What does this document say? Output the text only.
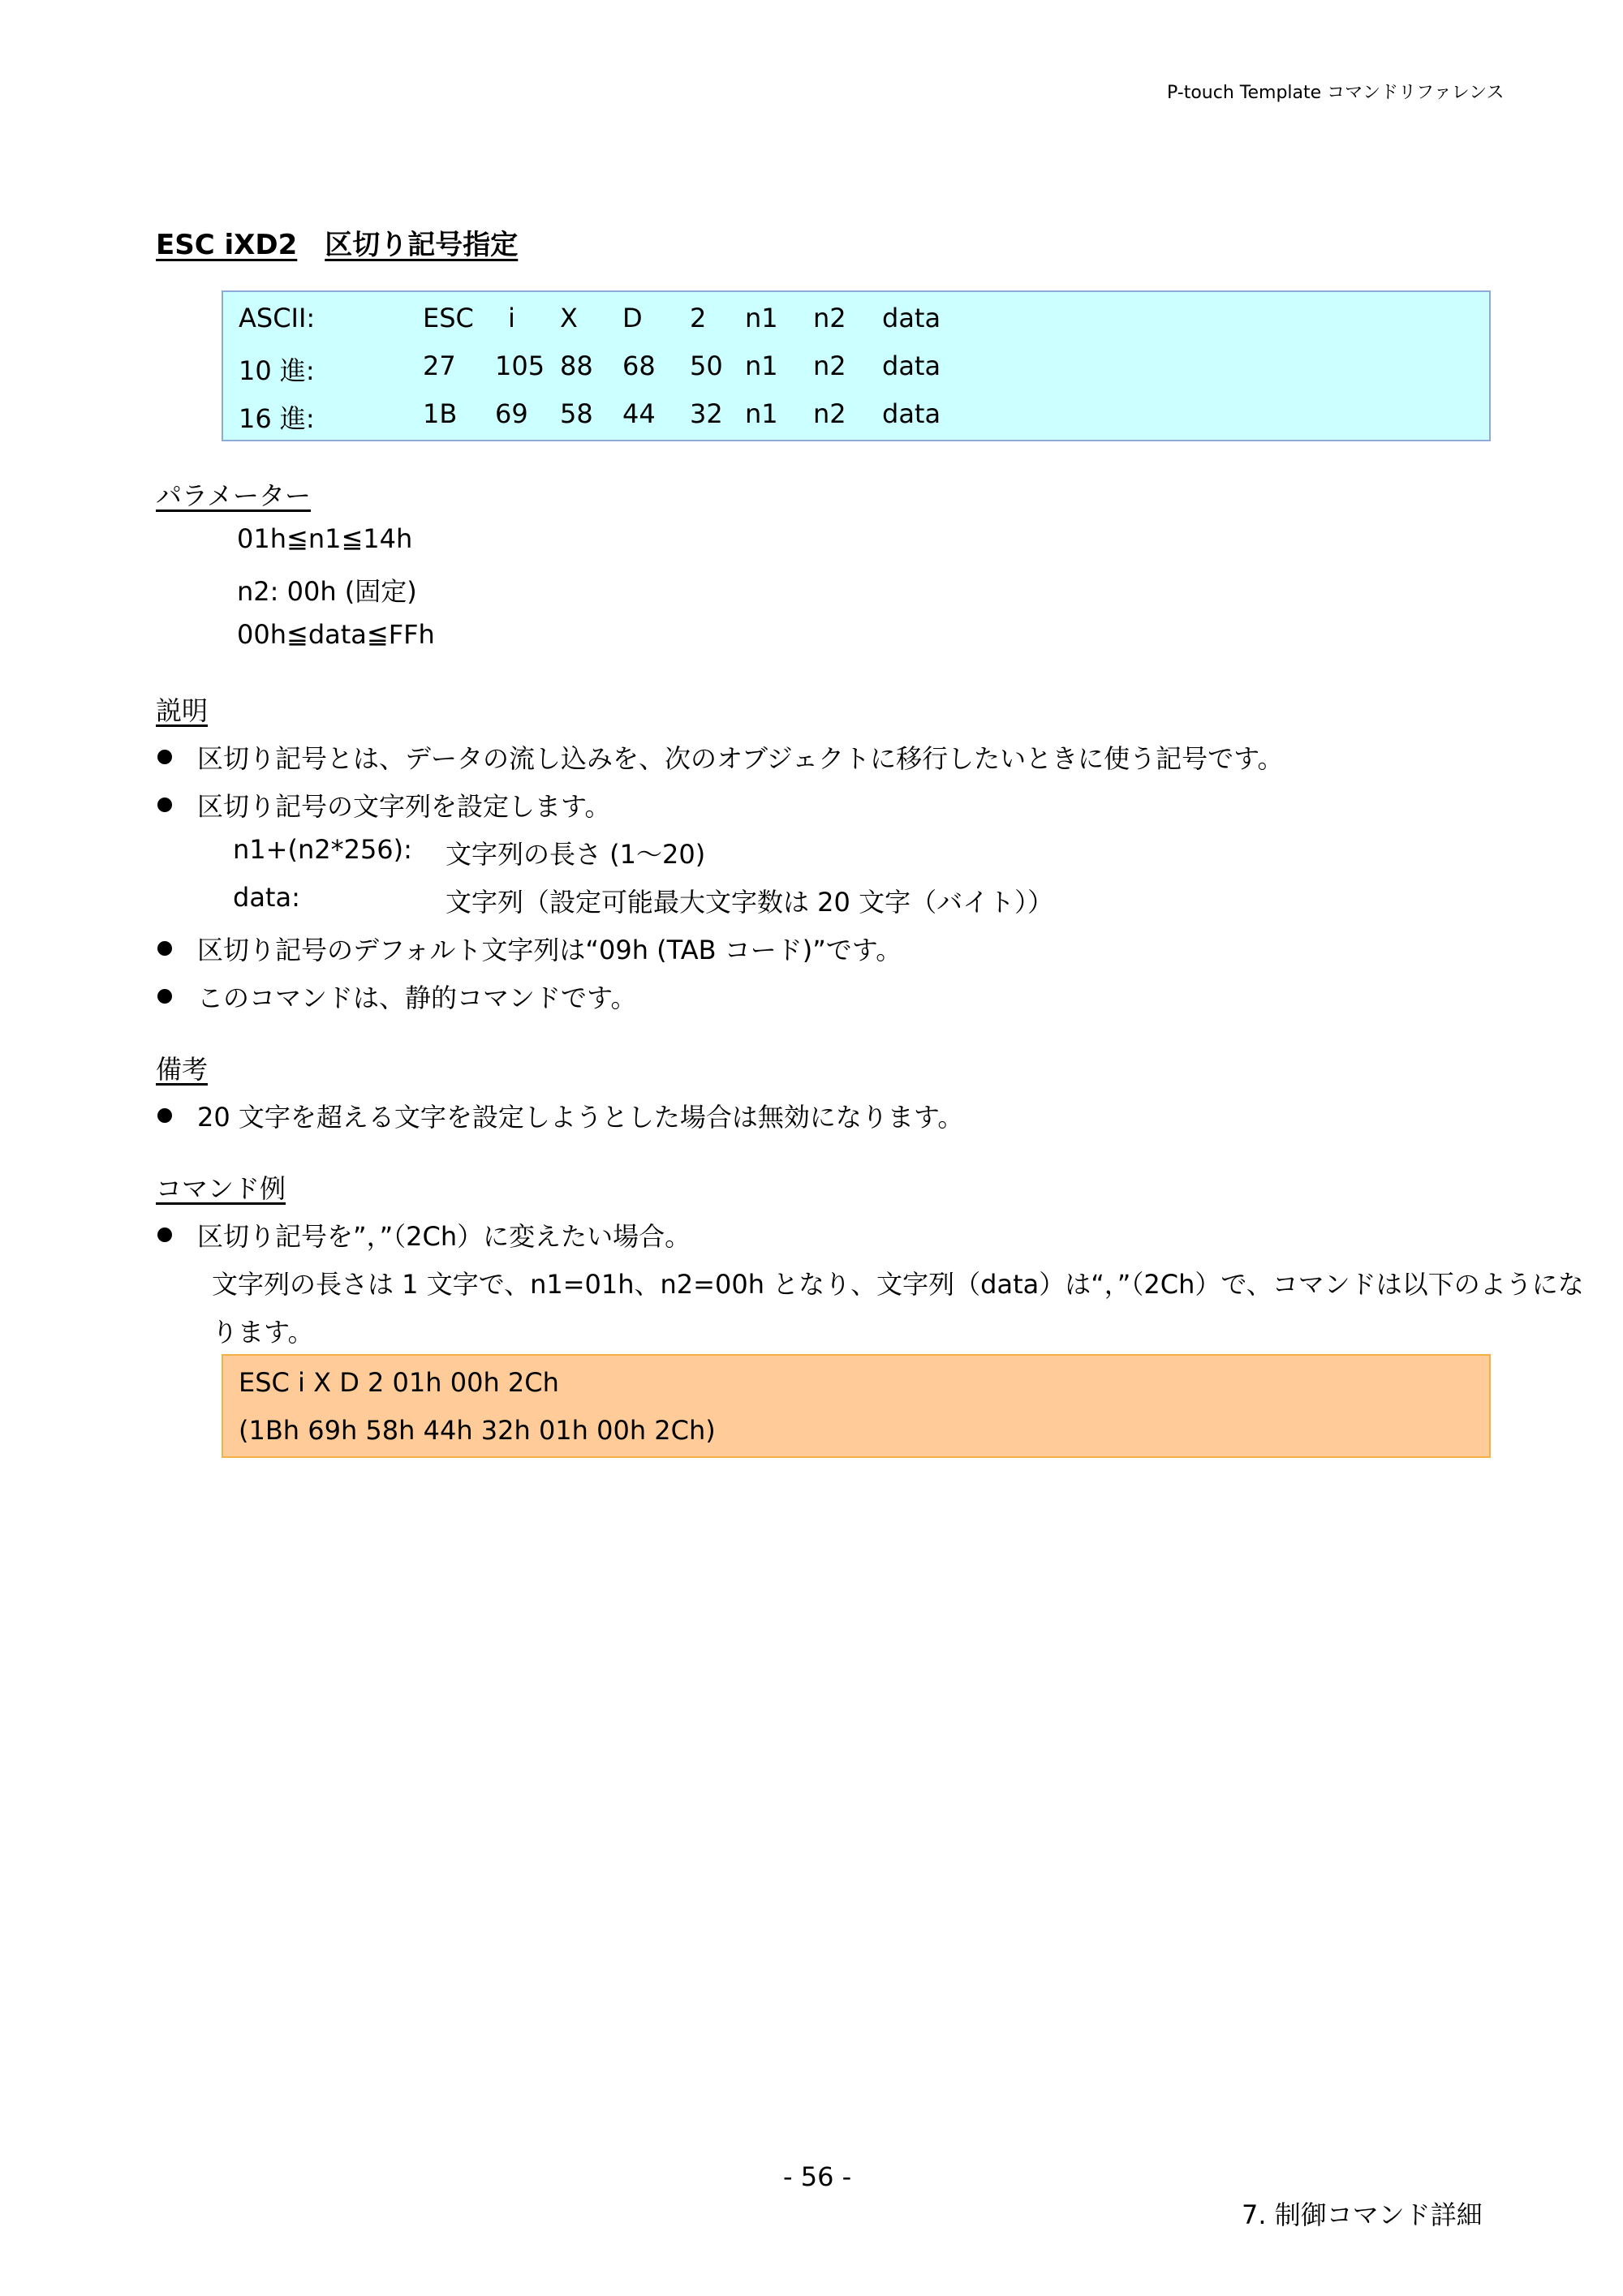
P-touch Template コマンドリファレンス
ESC iXD2 区切り記号指定
ASCII:	ESC i X D 2 n1 n2 data
10 進:	27 105 88 68 50 n1 n2 data
16 進:	1B 69 58 44 32 n1 n2 data
パラメーター
01h≦n1≦14h
n2: 00h (固定)
00h≦data≦FFh
説明
区切り記号とは、データの流し込みを、次のオブジェクトに移行したいときに使う記号です。
区切り記号の文字列を設定します。
n1+(n2*256): 文字列の長さ (1〜20)
data:	文字列（設定可能最大文字数は 20 文字（バイト））
区切り記号のデフォルト文字列は“09h (TAB コード)”です。
このコマンドは、静的コマンドです。
備考
20 文字を超える文字を設定しようとした場合は無効になります。
コマンド例
区切り記号を”，”（2Ch）に変えたい場合。
文字列の長さは 1 文字で、n1=01h、n2=00h となり、文字列（data）は“，”（2Ch）で、コマンドは以下のようにな
ります。
ESC i X D 2 01h 00h 2Ch
(1Bh 69h 58h 44h 32h 01h 00h 2Ch)
- 56 -
7. 制御コマンド詳細
